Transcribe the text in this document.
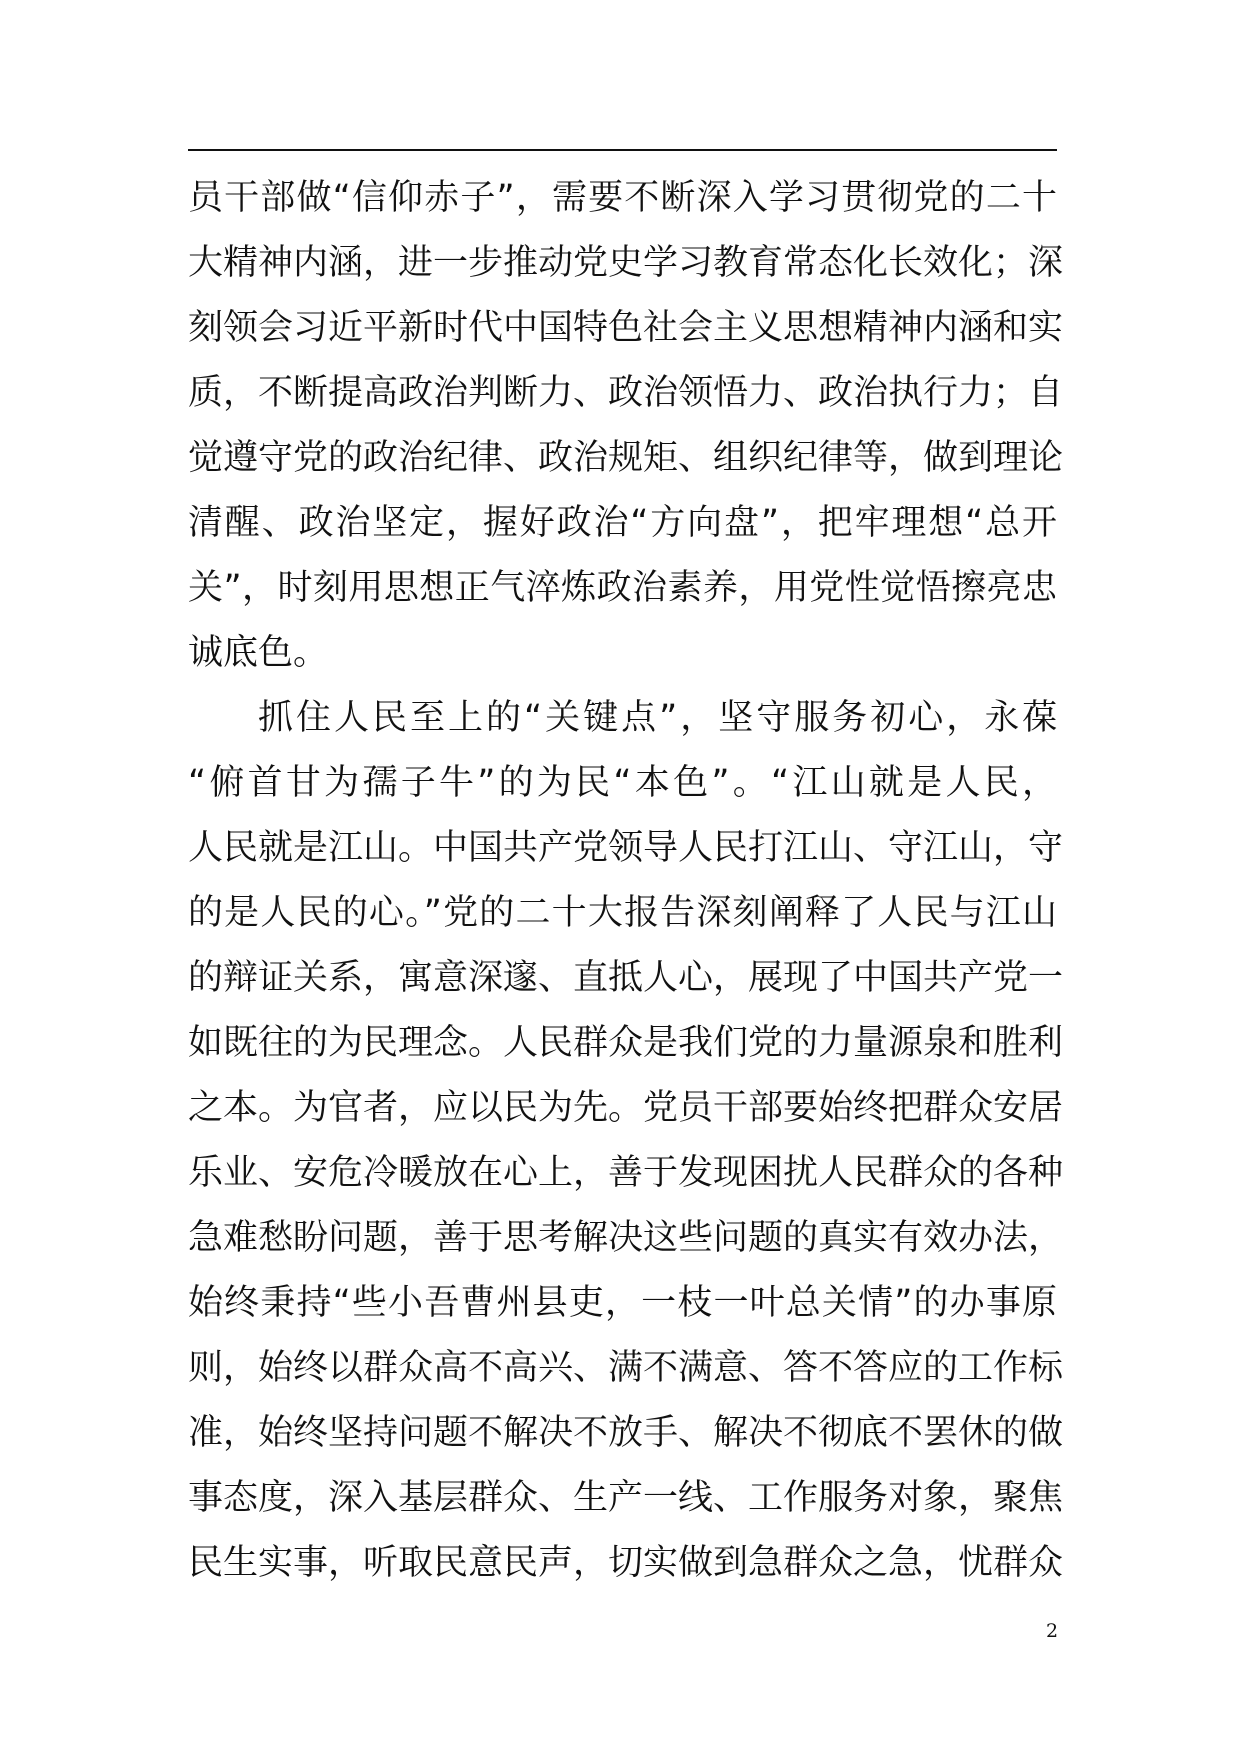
员干部做“信仰赤子”，需要不断深入学习贯彻党的二十
大精神内涵，进一步推动党史学习教育常态化长效化；深
刻领会习近平新时代中国特色社会主义思想精神内涵和实
质，不断提高政治判断力、政治领悟力、政治执行力；自
觉遵守党的政治纪律、政治规矩、组织纪律等，做到理论
清醒、政治坚定，握好政治“方向盘”，把牢理想“总开
关”，时刻用思想正气淬炼政治素养，用党性觉悟擦亮忠
诚底色。
抓住人民至上的“关键点”，坚守服务初心，永葆
“俯首甘为孺子牛”的为民“本色”。“江山就是人民，
人民就是江山。中国共产党领导人民打江山、守江山，守
的是人民的心。”党的二十大报告深刻阐释了人民与江山
的辩证关系，寓意深邃、直抵人心，展现了中国共产党一
如既往的为民理念。人民群众是我们党的力量源泉和胜利
之本。为官者，应以民为先。党员干部要始终把群众安居
乐业、安危冷暖放在心上，善于发现困扰人民群众的各种
急难愁盼问题，善于思考解决这些问题的真实有效办法，
始终秉持“些小吾曹州县吏，一枝一叶总关情”的办事原
则，始终以群众高不高兴、满不满意、答不答应的工作标
准，始终坚持问题不解决不放手、解决不彻底不罢休的做
事态度，深入基层群众、生产一线、工作服务对象，聚焦
民生实事，听取民意民声，切实做到急群众之急，忧群众
2
